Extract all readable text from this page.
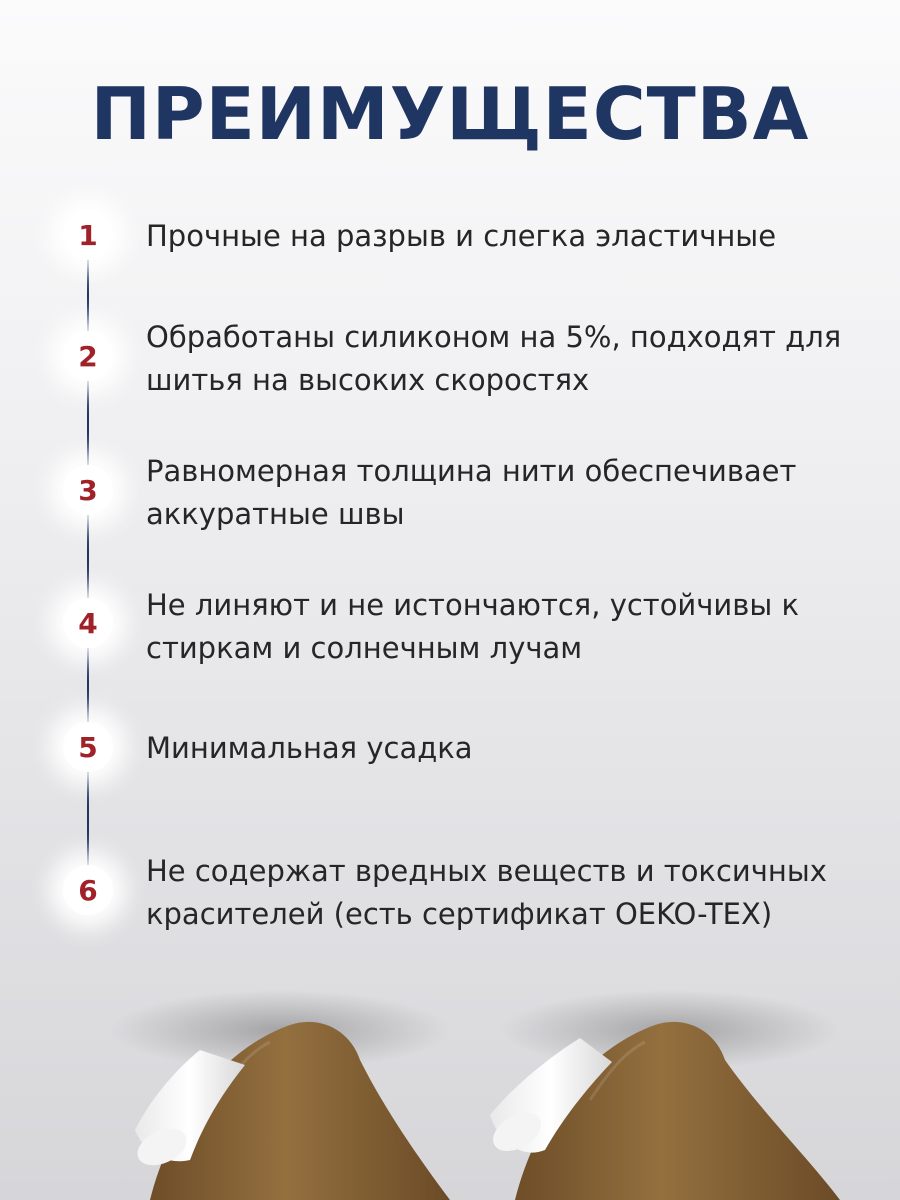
ПРЕИМУЩЕСТВА
1	Прочные на разрыв и слегка эластичные
2
Обработаны силиконом на 5%, подходят для шитья на высоких скоростях
3
Равномерная толщина нити обеспечивает аккуратные швы
4
Не линяют и не истончаются, устойчивы к стиркам и солнечным лучам
5	Минимальная усадка
6
Не содержат вредных веществ и токсичных красителей (есть сертификат OEKO-TEX)
